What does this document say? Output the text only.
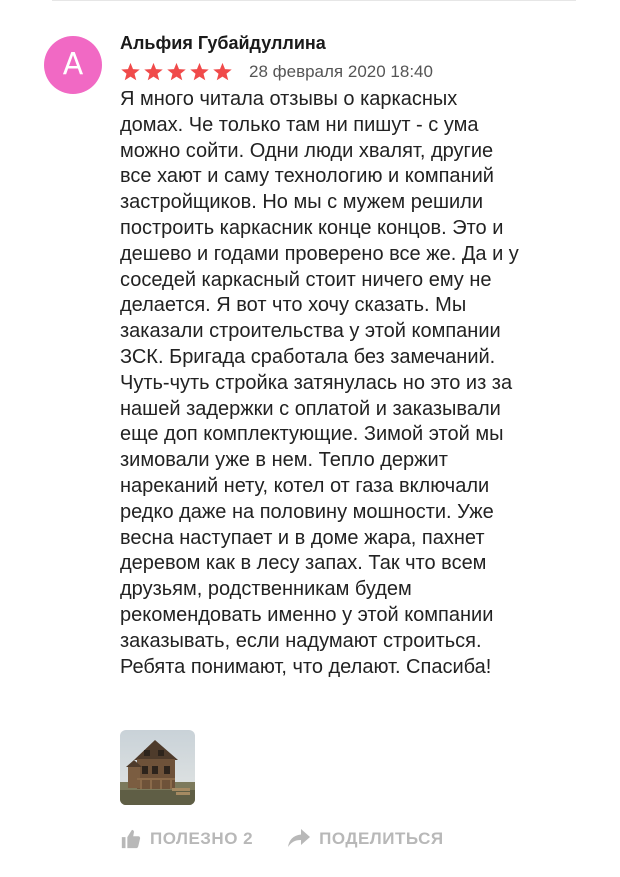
А
Альфия Губайдуллина
28 февраля 2020 18:40
Я много читала отзывы о каркасных
домах. Че только там ни пишут - с ума
можно сойти. Одни люди хвалят, другие
все хают и саму технологию и компаний
застройщиков. Но мы с мужем решили
построить каркасник конце концов. Это и
дешево и годами проверено все же. Да и у
соседей каркасный стоит ничего ему не
делается. Я вот что хочу сказать. Мы
заказали строительства у этой компании
ЗСК. Бригада сработала без замечаний.
Чуть-чуть стройка затянулась но это из за
нашей задержки с оплатой и заказывали
еще доп комплектующие. Зимой этой мы
зимовали уже в нем. Тепло держит
нареканий нету, котел от газа включали
редко даже на половину мошности. Уже
весна наступает и в доме жара, пахнет
деревом как в лесу запах. Так что всем
друзьям, родственникам будем
рекомендовать именно у этой компании
заказывать, если надумают строиться.
Ребята понимают, что делают. Спасиба!
ПОЛЕЗНО 2	ПОДЕЛИТЬСЯ
